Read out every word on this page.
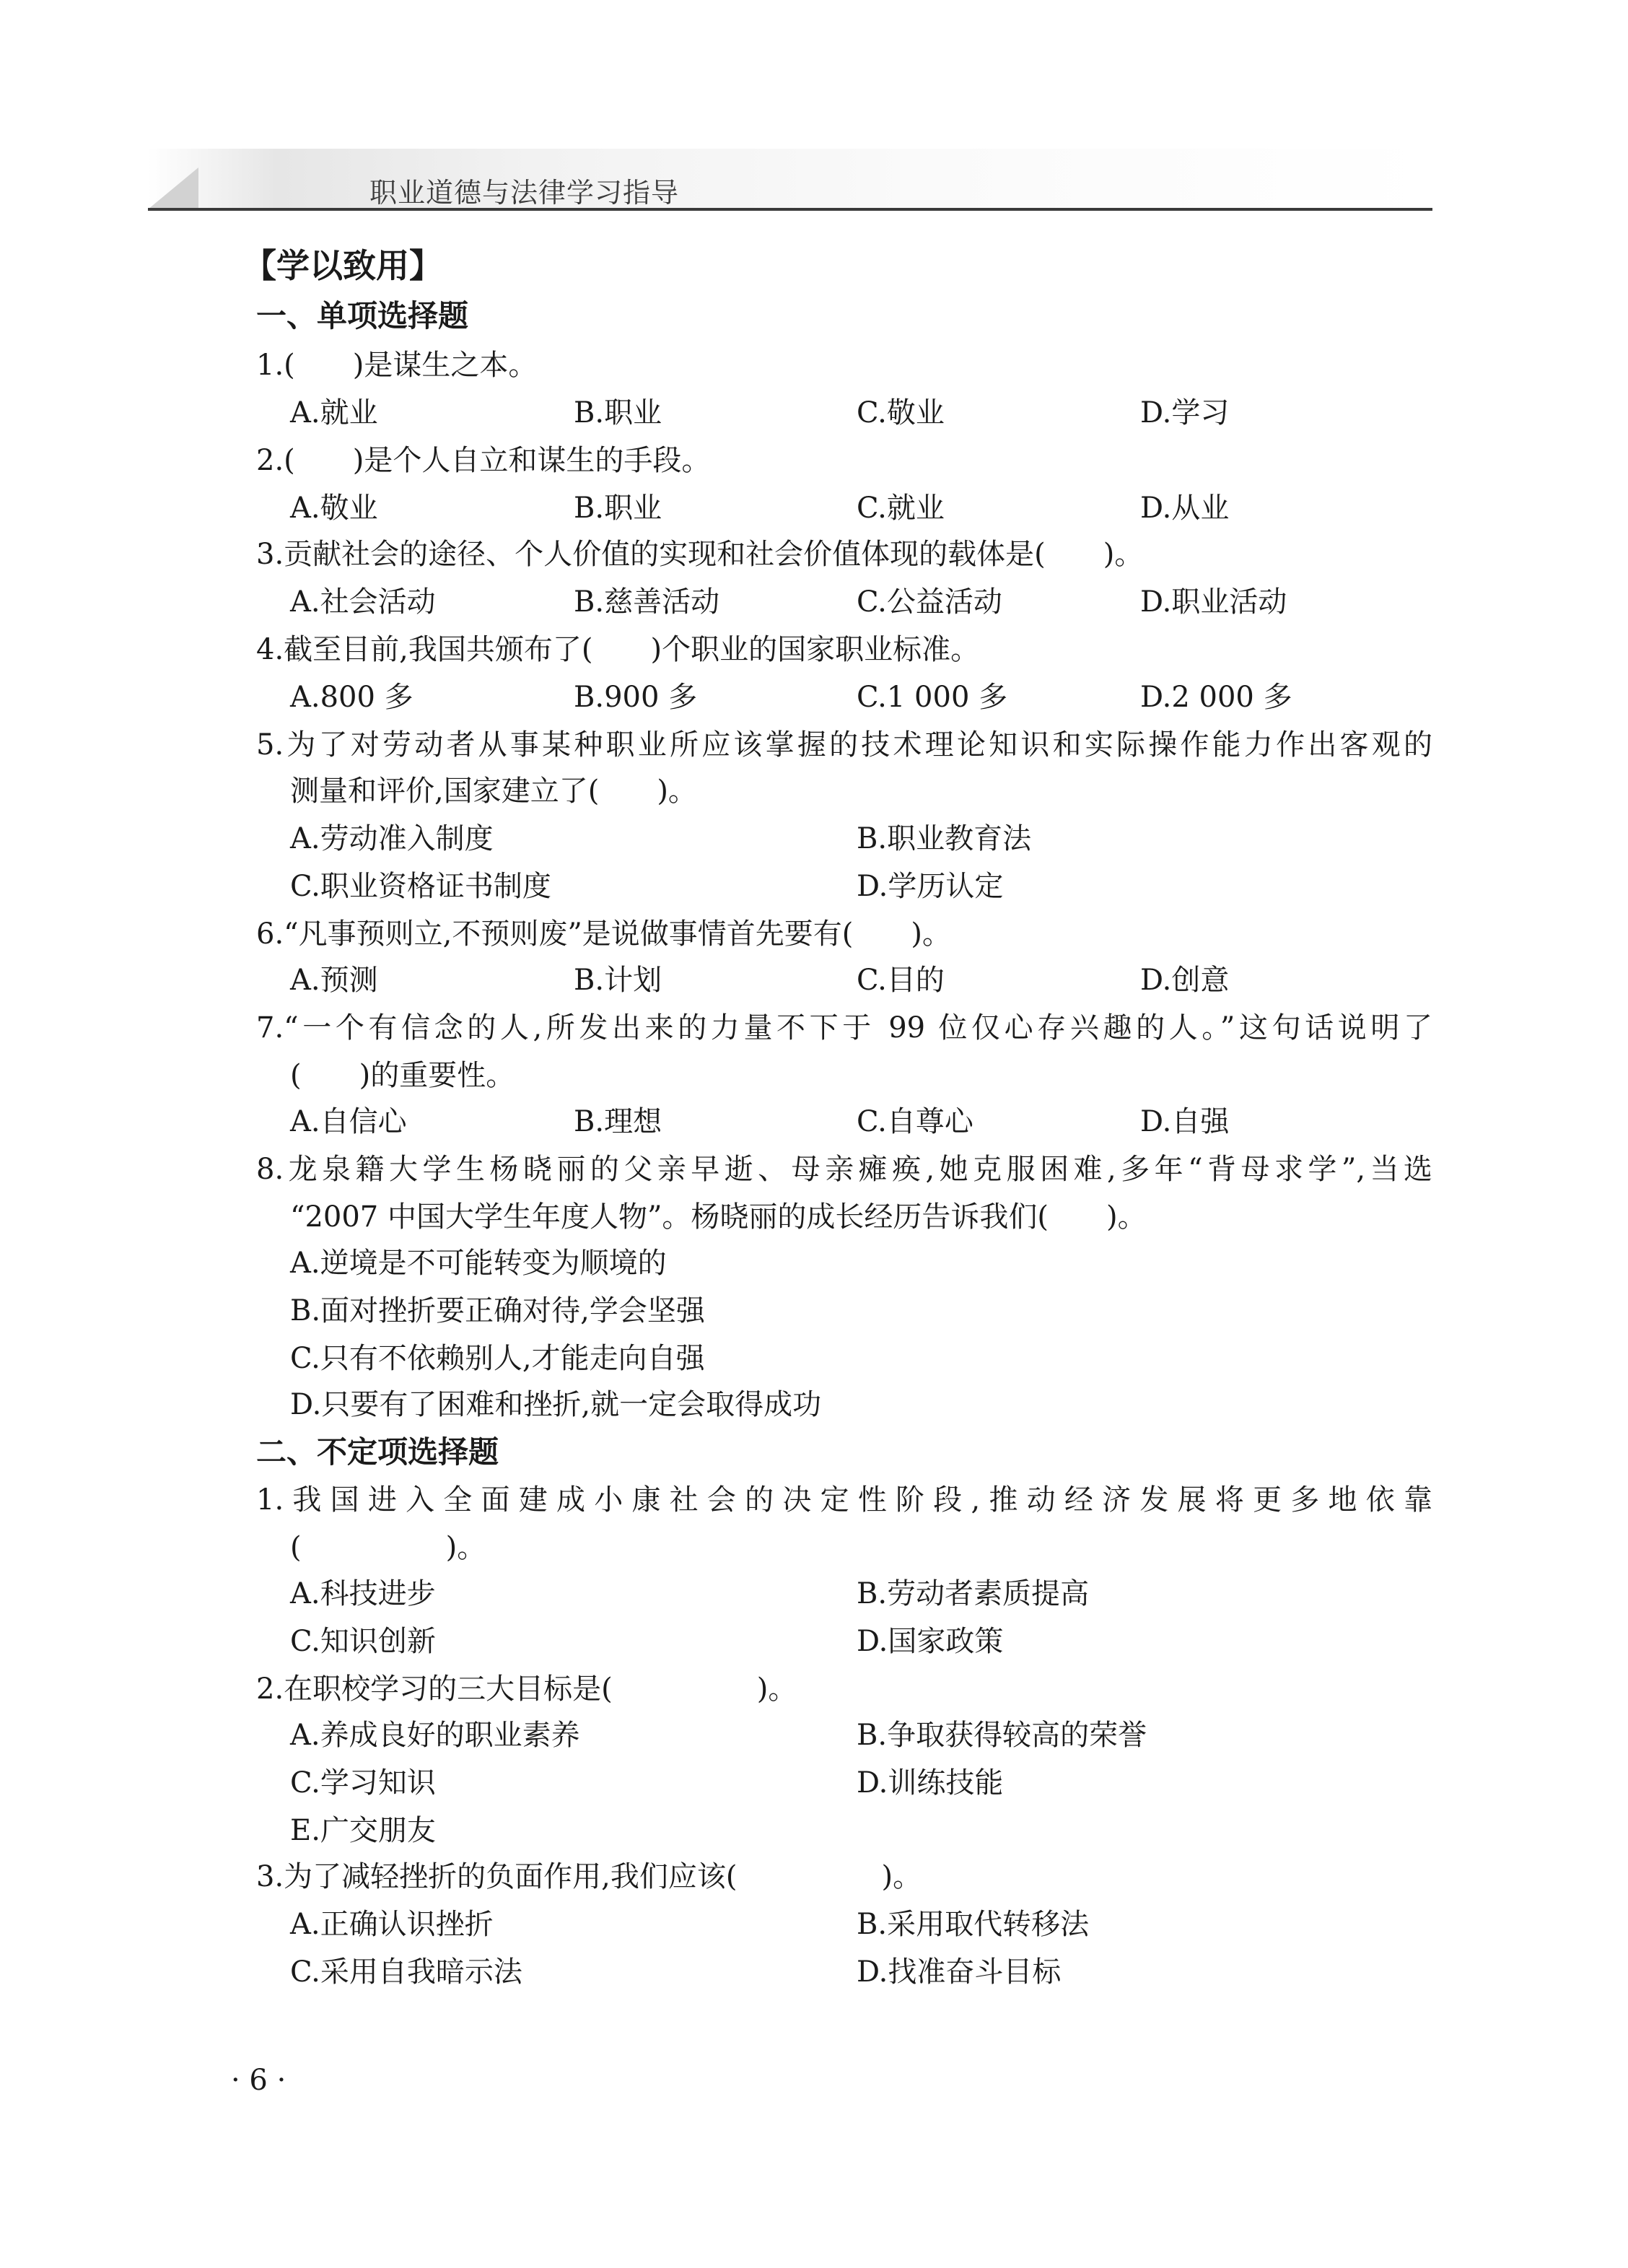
职业道德与法律学习指导
【学以致用】
一、单项选择题
1.(　　)是谋生之本。
A.就业	B.职业	C.敬业	D.学习
2.(　　)是个人自立和谋生的手段。
A.敬业	B.职业	C.就业	D.从业
3.贡献社会的途径、个人价值的实现和社会价值体现的载体是(　　)。
A.社会活动	B.慈善活动	C.公益活动	D.职业活动
4.截至目前,我国共颁布了(　　)个职业的国家职业标准。
A.800 多	B.900 多	C.1 000 多	D.2 000 多
5.为了对劳动者从事某种职业所应该掌握的技术理论知识和实际操作能力作出客观的
测量和评价,国家建立了(　　)。
A.劳动准入制度	B.职业教育法
C.职业资格证书制度	D.学历认定
6.“凡事预则立,不预则废”是说做事情首先要有(　　)。
A.预测	B.计划	C.目的	D.创意
7.“一个有信念的人,所发出来的力量不下于 99 位仅心存兴趣的人。”这句话说明了
(　　)的重要性。
A.自信心	B.理想	C.自尊心	D.自强
8.龙泉籍大学生杨晓丽的父亲早逝、母亲瘫痪,她克服困难,多年“背母求学”,当选
“2007 中国大学生年度人物”。杨晓丽的成长经历告诉我们(　　)。
A.逆境是不可能转变为顺境的
B.面对挫折要正确对待,学会坚强
C.只有不依赖别人,才能走向自强
D.只要有了困难和挫折,就一定会取得成功
二、不定项选择题
1.我国进入全面建成小康社会的决定性阶段,推动经济发展将更多地依靠
(　　　　　)。
A.科技进步	B.劳动者素质提高
C.知识创新	D.国家政策
2.在职校学习的三大目标是(　　　　　)。
A.养成良好的职业素养	B.争取获得较高的荣誉
C.学习知识	D.训练技能
E.广交朋友
3.为了减轻挫折的负面作用,我们应该(　　　　　)。
A.正确认识挫折	B.采用取代转移法
C.采用自我暗示法	D.找准奋斗目标
· 6 ·
